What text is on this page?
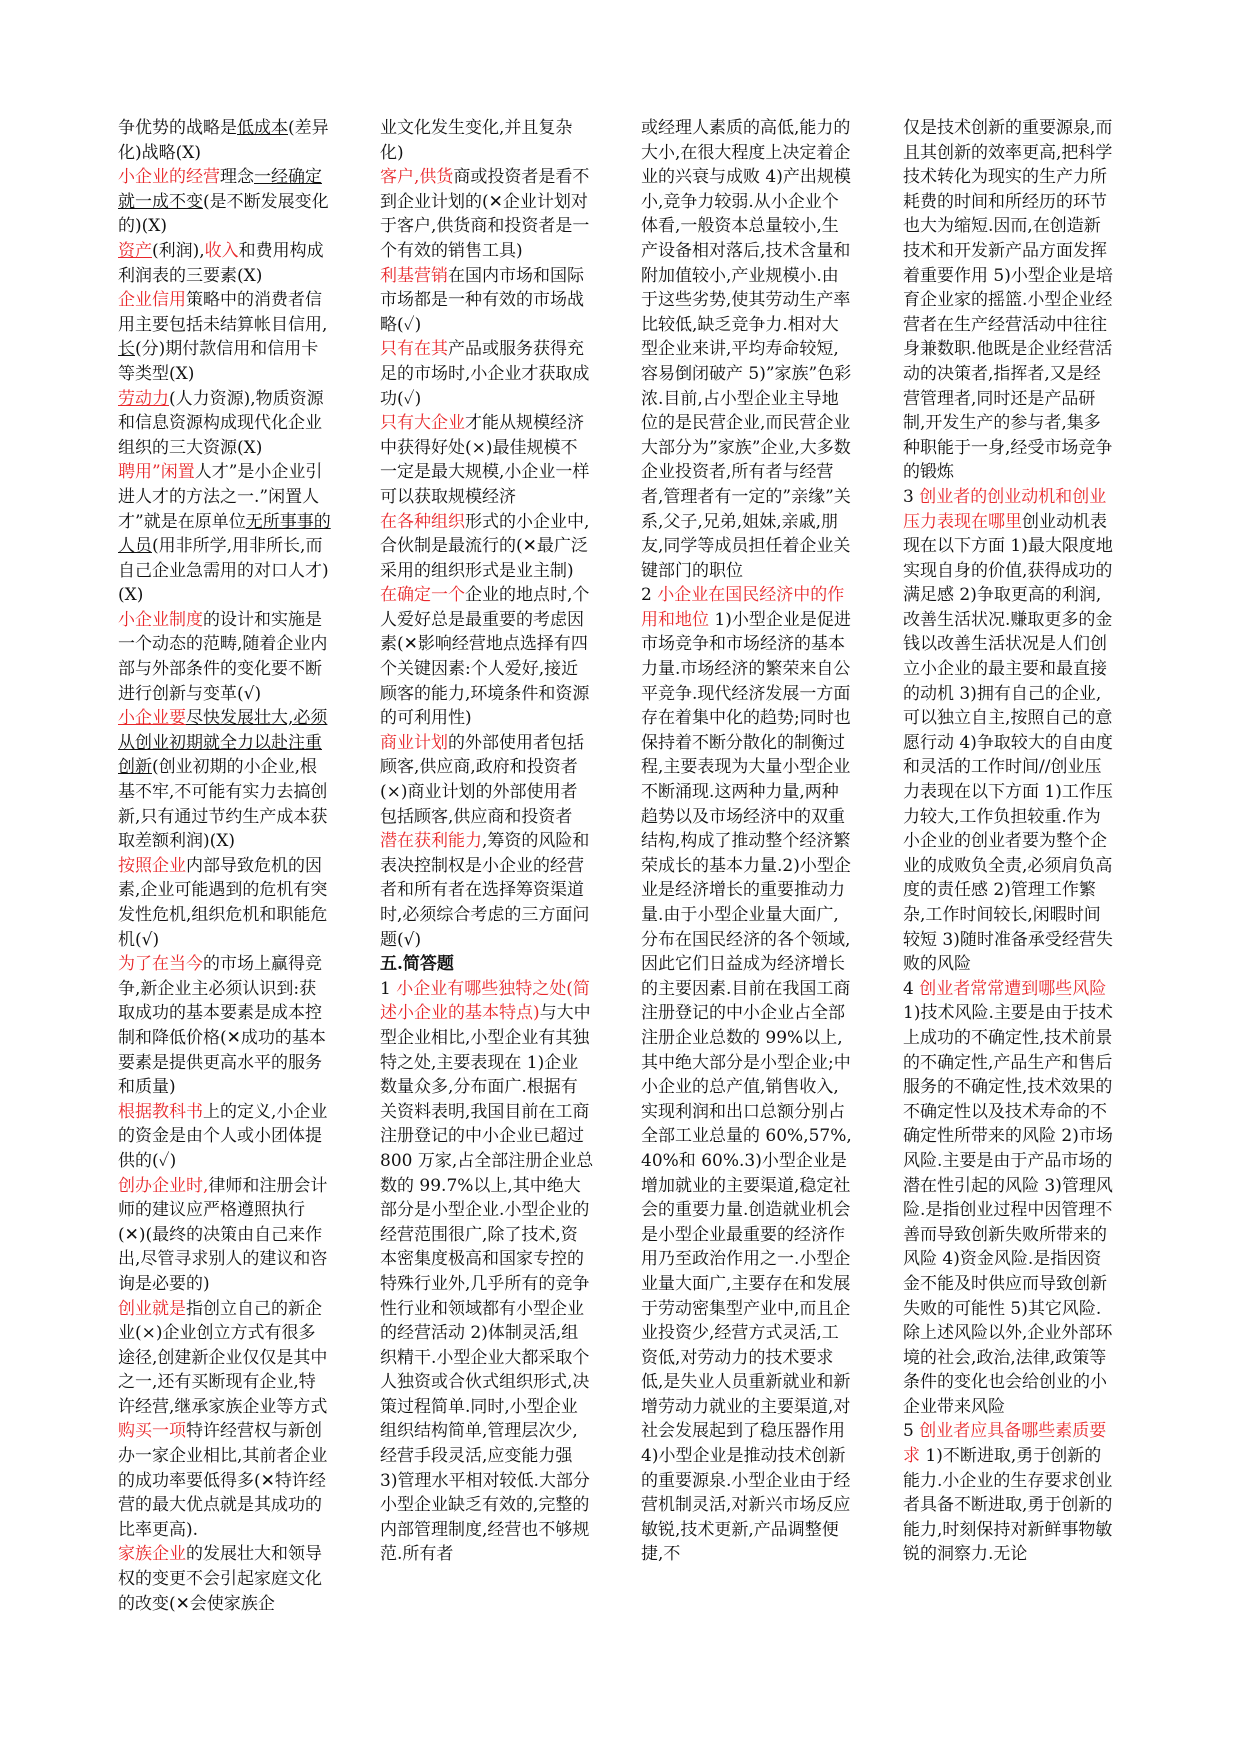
争优势的战略是低成本(差异化)战略(X)
小企业的经营理念一经确定就一成不变(是不断发展变化的)(X)
资产(利润),收入和费用构成利润表的三要素(X)
企业信用策略中的消费者信用主要包括未结算帐目信用,长(分)期付款信用和信用卡等类型(X)
劳动力(人力资源),物质资源和信息资源构成现代化企业组织的三大资源(X)
聘用”闲置人才”是小企业引进人才的方法之一.”闲置人才”就是在原单位无所事事的人员(用非所学,用非所长,而自己企业急需用的对口人才)(X)
小企业制度的设计和实施是一个动态的范畴,随着企业内部与外部条件的变化要不断进行创新与变革(√)
小企业要尽快发展壮大,必须从创业初期就全力以赴注重创新(创业初期的小企业,根基不牢,不可能有实力去搞创新,只有通过节约生产成本获取差额利润)(X)
按照企业内部导致危机的因素,企业可能遇到的危机有突发性危机,组织危机和职能危机(√)
为了在当今的市场上赢得竞争,新企业主必须认识到:获取成功的基本要素是成本控制和降低价格(✕成功的基本要素是提供更高水平的服务和质量)
根据教科书上的定义,小企业的资金是由个人或小团体提供的(✓)
创办企业时,律师和注册会计师的建议应严格遵照执行(✕)(最终的决策由自己来作出,尽管寻求别人的建议和咨询是必要的)
创业就是指创立自己的新企业(×)企业创立方式有很多途径,创建新企业仅仅是其中之一,还有买断现有企业,特许经营,继承家族企业等方式
购买一项特许经营权与新创办一家企业相比,其前者企业的成功率要低得多(✕特许经营的最大优点就是其成功的比率更高).
家族企业的发展壮大和领导权的变更不会引起家庭文化的改变(✕会使家族企
业文化发生变化,并且复杂化)
客户,供货商或投资者是看不到企业计划的(✕企业计划对于客户,供货商和投资者是一个有效的销售工具)
利基营销在国内市场和国际市场都是一种有效的市场战略(✓)
只有在其产品或服务获得充足的市场时,小企业才获取成功(✓)
只有大企业才能从规模经济中获得好处(×)最佳规模不一定是最大规模,小企业一样可以获取规模经济
在各种组织形式的小企业中,合伙制是最流行的(✕最广泛采用的组织形式是业主制)
在确定一个企业的地点时,个人爱好总是最重要的考虑因素(✕影响经营地点选择有四个关键因素:个人爱好,接近顾客的能力,环境条件和资源的可利用性)
商业计划的外部使用者包括顾客,供应商,政府和投资者(×)商业计划的外部使用者包括顾客,供应商和投资者
潜在获利能力,筹资的风险和表决控制权是小企业的经营者和所有者在选择筹资渠道时,必须综合考虑的三方面问题(√)
五.简答题
1 小企业有哪些独特之处(简述小企业的基本特点)与大中型企业相比,小型企业有其独特之处,主要表现在 1)企业数量众多,分布面广.根据有关资料表明,我国目前在工商注册登记的中小企业已超过 800 万家,占全部注册企业总数的 99.7%以上,其中绝大部分是小型企业.小型企业的经营范围很广,除了技术,资本密集度极高和国家专控的特殊行业外,几乎所有的竞争性行业和领域都有小型企业的经营活动 2)体制灵活,组织精干.小型企业大都采取个人独资或合伙式组织形式,决策过程简单.同时,小型企业组织结构简单,管理层次少,经营手段灵活,应变能力强 3)管理水平相对较低.大部分小型企业缺乏有效的,完整的内部管理制度,经营也不够规范.所有者
或经理人素质的高低,能力的大小,在很大程度上决定着企业的兴衰与成败 4)产出规模小,竞争力较弱.从小企业个体看,一般资本总量较小,生产设备相对落后,技术含量和附加值较小,产业规模小.由于这些劣势,使其劳动生产率比较低,缺乏竞争力.相对大型企业来讲,平均寿命较短,容易倒闭破产 5)”家族”色彩浓.目前,占小型企业主导地位的是民营企业,而民营企业大部分为”家族”企业,大多数企业投资者,所有者与经营者,管理者有一定的”亲缘”关系,父子,兄弟,姐妹,亲戚,朋友,同学等成员担任着企业关键部门的职位
2 小企业在国民经济中的作用和地位 1)小型企业是促进市场竞争和市场经济的基本力量.市场经济的繁荣来自公平竞争.现代经济发展一方面存在着集中化的趋势;同时也保持着不断分散化的制衡过程,主要表现为大量小型企业不断涌现.这两种力量,两种趋势以及市场经济中的双重结构,构成了推动整个经济繁荣成长的基本力量.2)小型企业是经济增长的重要推动力量.由于小型企业量大面广,分布在国民经济的各个领域,因此它们日益成为经济增长的主要因素.目前在我国工商注册登记的中小企业占全部注册企业总数的 99%以上,其中绝大部分是小型企业;中小企业的总产值,销售收入,实现利润和出口总额分别占全部工业总量的 60%,57%,40%和 60%.3)小型企业是增加就业的主要渠道,稳定社会的重要力量.创造就业机会是小型企业最重要的经济作用乃至政治作用之一.小型企业量大面广,主要存在和发展于劳动密集型产业中,而且企业投资少,经营方式灵活,工资低,对劳动力的技术要求低,是失业人员重新就业和新增劳动力就业的主要渠道,对社会发展起到了稳压器作用 4)小型企业是推动技术创新的重要源泉.小型企业由于经营机制灵活,对新兴市场反应敏锐,技术更新,产品调整便捷,不
仅是技术创新的重要源泉,而且其创新的效率更高,把科学技术转化为现实的生产力所耗费的时间和所经历的环节也大为缩短.因而,在创造新技术和开发新产品方面发挥着重要作用 5)小型企业是培育企业家的摇篮.小型企业经营者在生产经营活动中往往身兼数职.他既是企业经营活动的决策者,指挥者,又是经营管理者,同时还是产品研制,开发生产的参与者,集多种职能于一身,经受市场竞争的锻炼
3 创业者的创业动机和创业压力表现在哪里创业动机表现在以下方面 1)最大限度地实现自身的价值,获得成功的满足感 2)争取更高的利润,改善生活状况.赚取更多的金钱以改善生活状况是人们创立小企业的最主要和最直接的动机 3)拥有自己的企业,可以独立自主,按照自己的意愿行动 4)争取较大的自由度和灵活的工作时间//创业压力表现在以下方面 1)工作压力较大,工作负担较重.作为小企业的创业者要为整个企业的成败负全责,必须肩负高度的责任感 2)管理工作繁杂,工作时间较长,闲暇时间较短 3)随时准备承受经营失败的风险
4 创业者常常遭到哪些风险 1)技术风险.主要是由于技术上成功的不确定性,技术前景的不确定性,产品生产和售后服务的不确定性,技术效果的不确定性以及技术寿命的不确定性所带来的风险 2)市场风险.主要是由于产品市场的潜在性引起的风险 3)管理风险.是指创业过程中因管理不善而导致创新失败所带来的风险 4)资金风险.是指因资金不能及时供应而导致创新失败的可能性 5)其它风险.除上述风险以外,企业外部环境的社会,政治,法律,政策等条件的变化也会给创业的小企业带来风险
5 创业者应具备哪些素质要求 1)不断进取,勇于创新的能力.小企业的生存要求创业者具备不断进取,勇于创新的能力,时刻保持对新鲜事物敏锐的洞察力.无论
